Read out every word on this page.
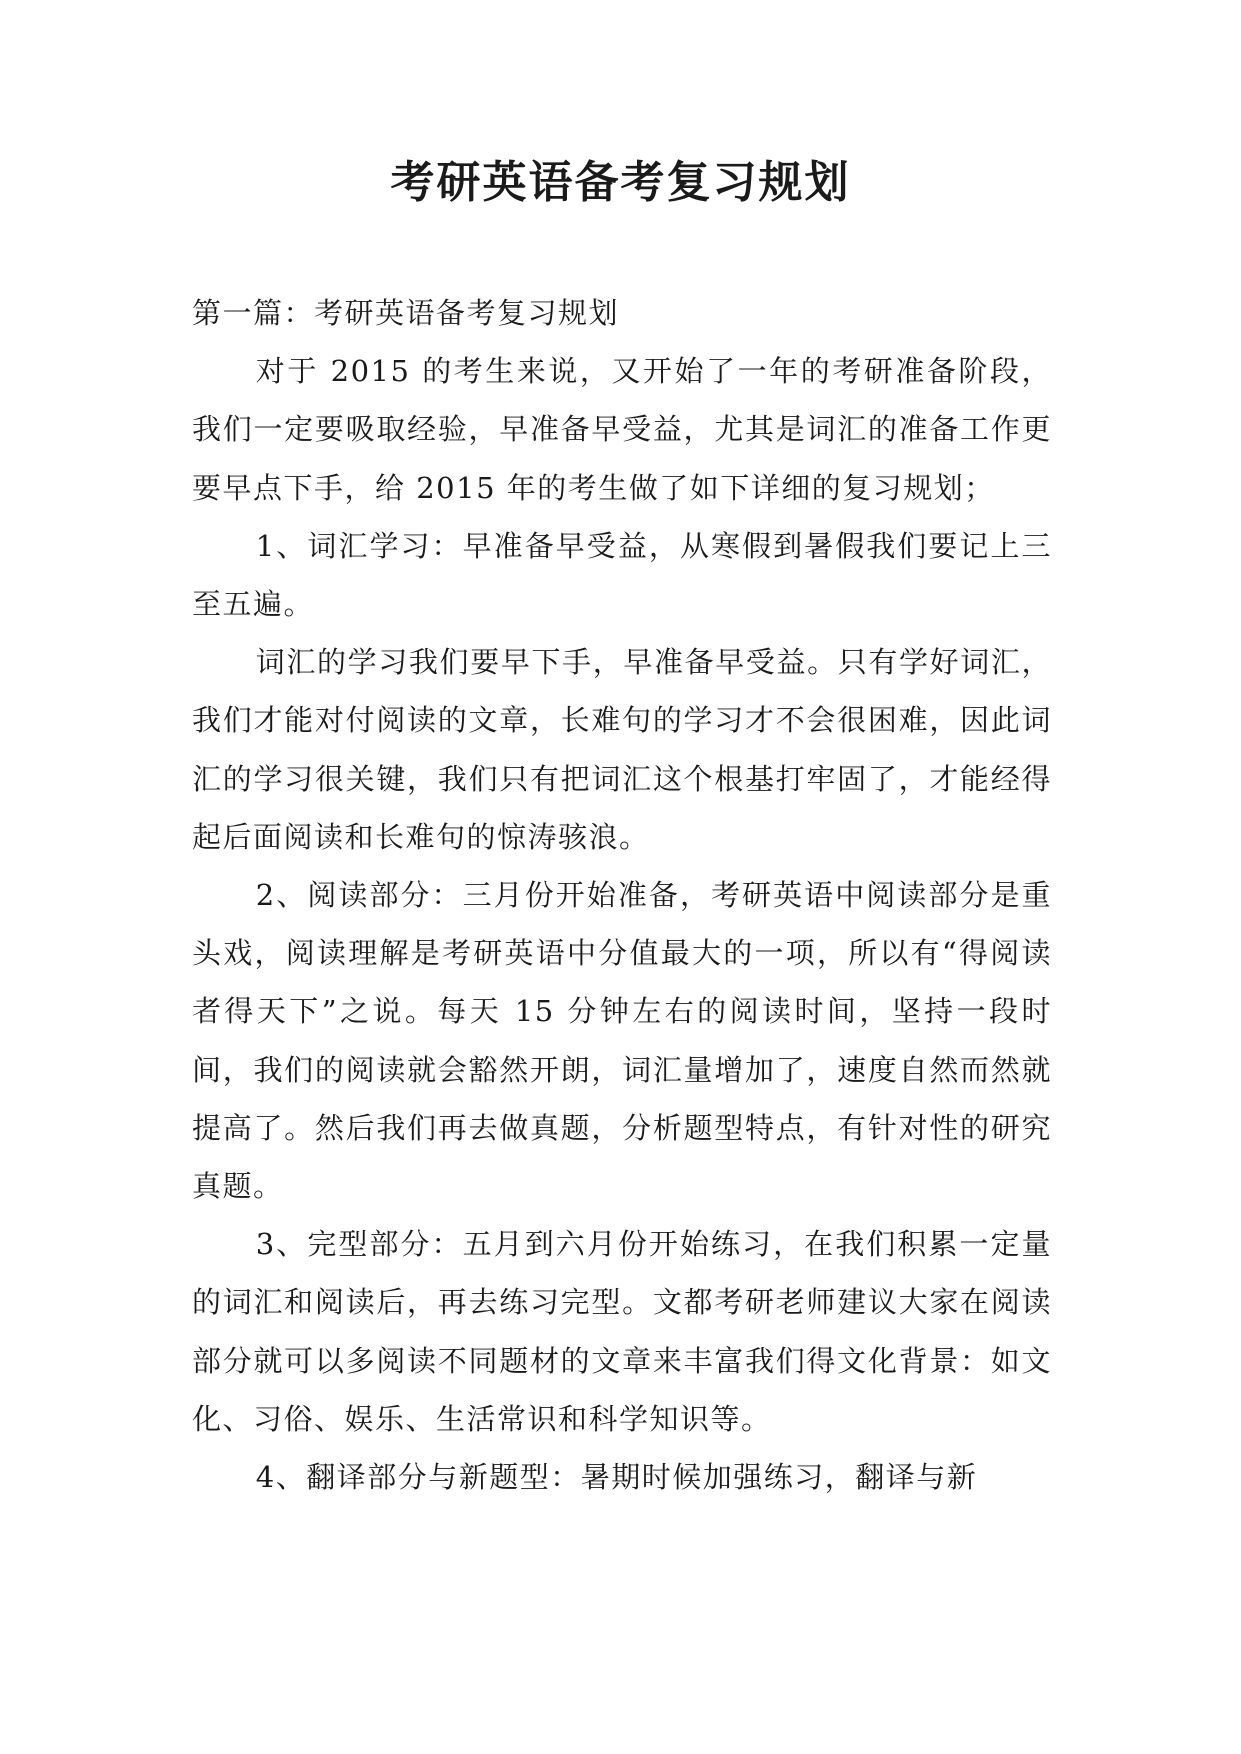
考研英语备考复习规划

第一篇：考研英语备考复习规划

对于 2015 的考生来说，又开始了一年的考研准备阶段，我们一定要吸取经验，早准备早受益，尤其是词汇的准备工作更要早点下手，给 2015 年的考生做了如下详细的复习规划；

1、词汇学习：早准备早受益，从寒假到暑假我们要记上三至五遍。

词汇的学习我们要早下手，早准备早受益。只有学好词汇，我们才能对付阅读的文章，长难句的学习才不会很困难，因此词汇的学习很关键，我们只有把词汇这个根基打牢固了，才能经得起后面阅读和长难句的惊涛骇浪。

2、阅读部分：三月份开始准备，考研英语中阅读部分是重头戏，阅读理解是考研英语中分值最大的一项，所以有“得阅读者得天下”之说。每天 15 分钟左右的阅读时间，坚持一段时间，我们的阅读就会豁然开朗，词汇量增加了，速度自然而然就提高了。然后我们再去做真题，分析题型特点，有针对性的研究真题。

3、完型部分：五月到六月份开始练习，在我们积累一定量的词汇和阅读后，再去练习完型。文都考研老师建议大家在阅读部分就可以多阅读不同题材的文章来丰富我们得文化背景：如文化、习俗、娱乐、生活常识和科学知识等。

4、翻译部分与新题型：暑期时候加强练习，翻译与新
